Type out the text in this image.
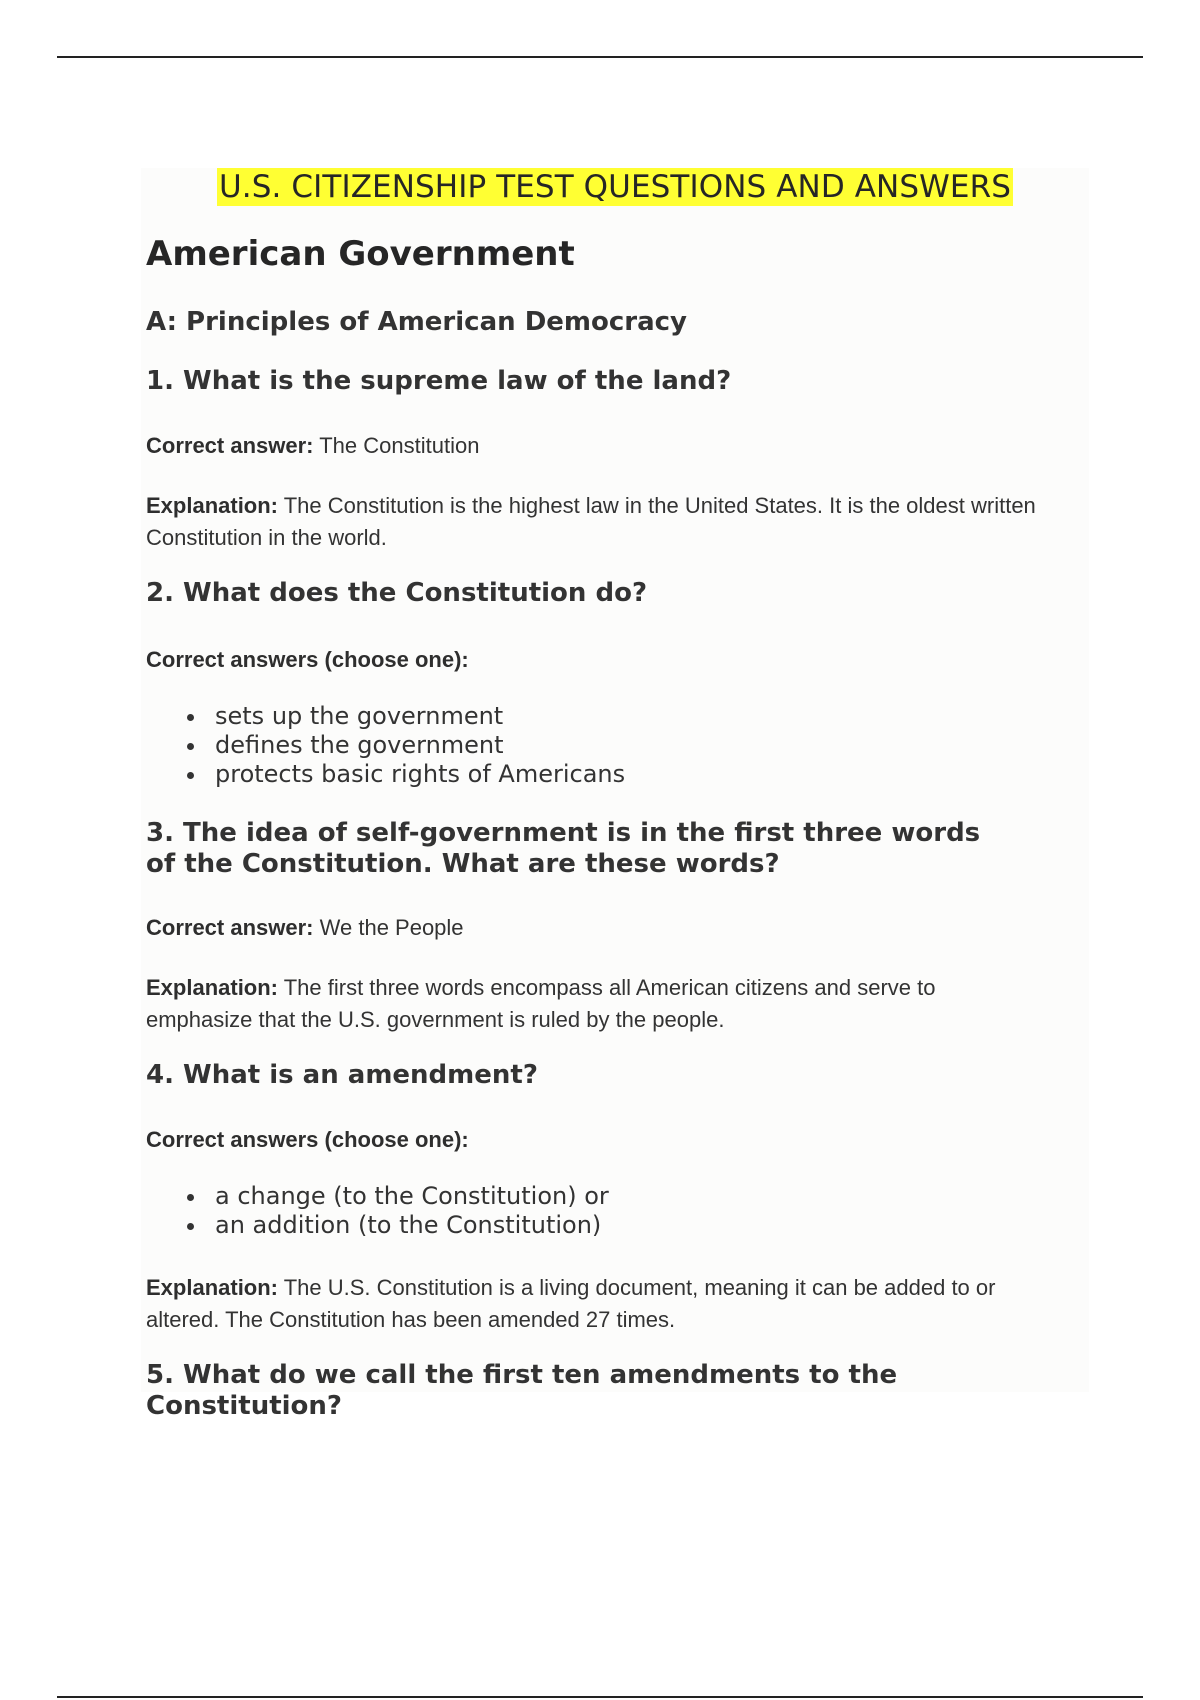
U.S. CITIZENSHIP TEST QUESTIONS AND ANSWERS
American Government
A: Principles of American Democracy
1. What is the supreme law of the land?

Correct answer: The Constitution

Explanation: The Constitution is the highest law in the United States. It is the oldest written Constitution in the world.

2. What does the Constitution do?

Correct answers (choose one):

• sets up the government
• defines the government
• protects basic rights of Americans
3. The idea of self-government is in the first three words of the Constitution. What are these words?

Correct answer: We the People

Explanation: The first three words encompass all American citizens and serve to emphasize that the U.S. government is ruled by the people.

4. What is an amendment?

Correct answers (choose one):

• a change (to the Constitution) or
• an addition (to the Constitution)

Explanation: The U.S. Constitution is a living document, meaning it can be added to or altered. The Constitution has been amended 27 times.

5. What do we call the first ten amendments to the Constitution?
